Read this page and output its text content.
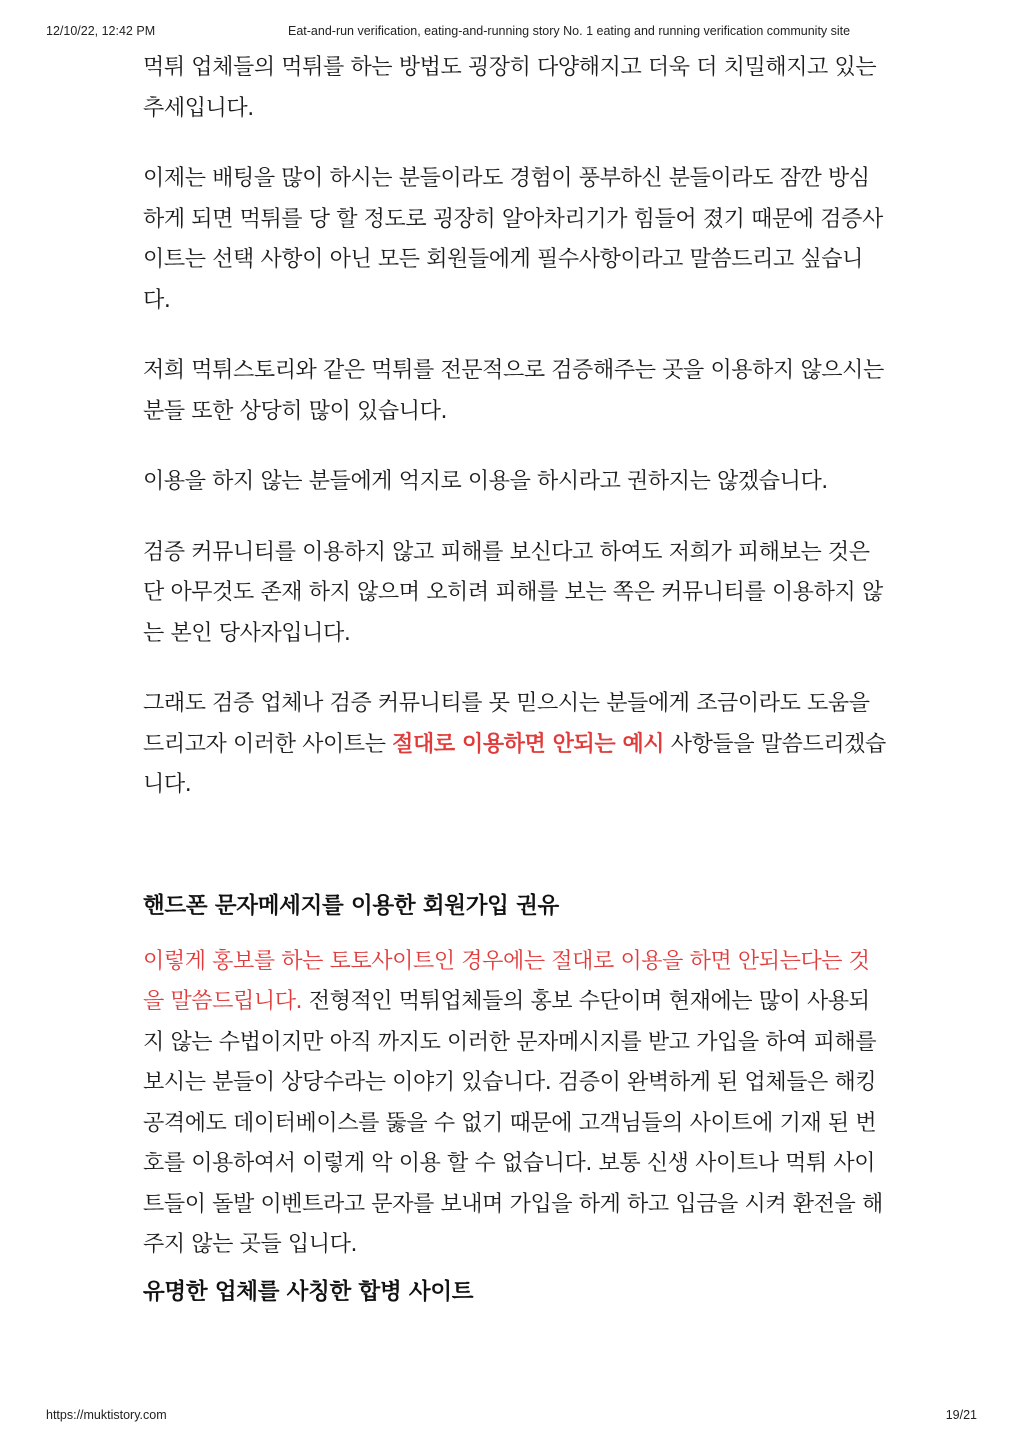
12/10/22, 12:42 PM	Eat-and-run verification, eating-and-running story No. 1 eating and running verification community site

먹튀 업체들의 먹튀를 하는 방법도 굉장히 다양해지고 더욱 더 치밀해지고 있는 추세입니다.

이제는 배팅을 많이 하시는 분들이라도 경험이 풍부하신 분들이라도 잠깐 방심하게 되면 먹튀를 당 할 정도로 굉장히 알아차리기가 힘들어 졌기 때문에 검증사이트는 선택 사항이 아닌 모든 회원들에게 필수사항이라고 말씀드리고 싶습니다.

저희 먹튀스토리와 같은 먹튀를 전문적으로 검증해주는 곳을 이용하지 않으시는 분들 또한 상당히 많이 있습니다.

이용을 하지 않는 분들에게 억지로 이용을 하시라고 권하지는 않겠습니다.

검증 커뮤니티를 이용하지 않고 피해를 보신다고 하여도 저희가 피해보는 것은 단 아무것도 존재 하지 않으며 오히려 피해를 보는 쪽은 커뮤니티를 이용하지 않는 본인 당사자입니다.

그래도 검증 업체나 검증 커뮤니티를 못 믿으시는 분들에게 조금이라도 도움을 드리고자 이러한 사이트는 절대로 이용하면 안되는 예시 사항들을 말씀드리겠습니다.

핸드폰 문자메세지를 이용한 회원가입 권유

이렇게 홍보를 하는 토토사이트인 경우에는 절대로 이용을 하면 안되는다는 것을 말씀드립니다. 전형적인 먹튀업체들의 홍보 수단이며 현재에는 많이 사용되지 않는 수법이지만 아직 까지도 이러한 문자메시지를 받고 가입을 하여 피해를 보시는 분들이 상당수라는 이야기 있습니다. 검증이 완벽하게 된 업체들은 해킹 공격에도 데이터베이스를 뚫을 수 없기 때문에 고객님들의 사이트에 기재 된 번호를 이용하여서 이렇게 악 이용 할 수 없습니다. 보통 신생 사이트나 먹튀 사이트들이 돌발 이벤트라고 문자를 보내며 가입을 하게 하고 입금을 시켜 환전을 해주지 않는 곳들 입니다.

유명한 업체를 사칭한 합병 사이트
https://muktistory.com	19/21
